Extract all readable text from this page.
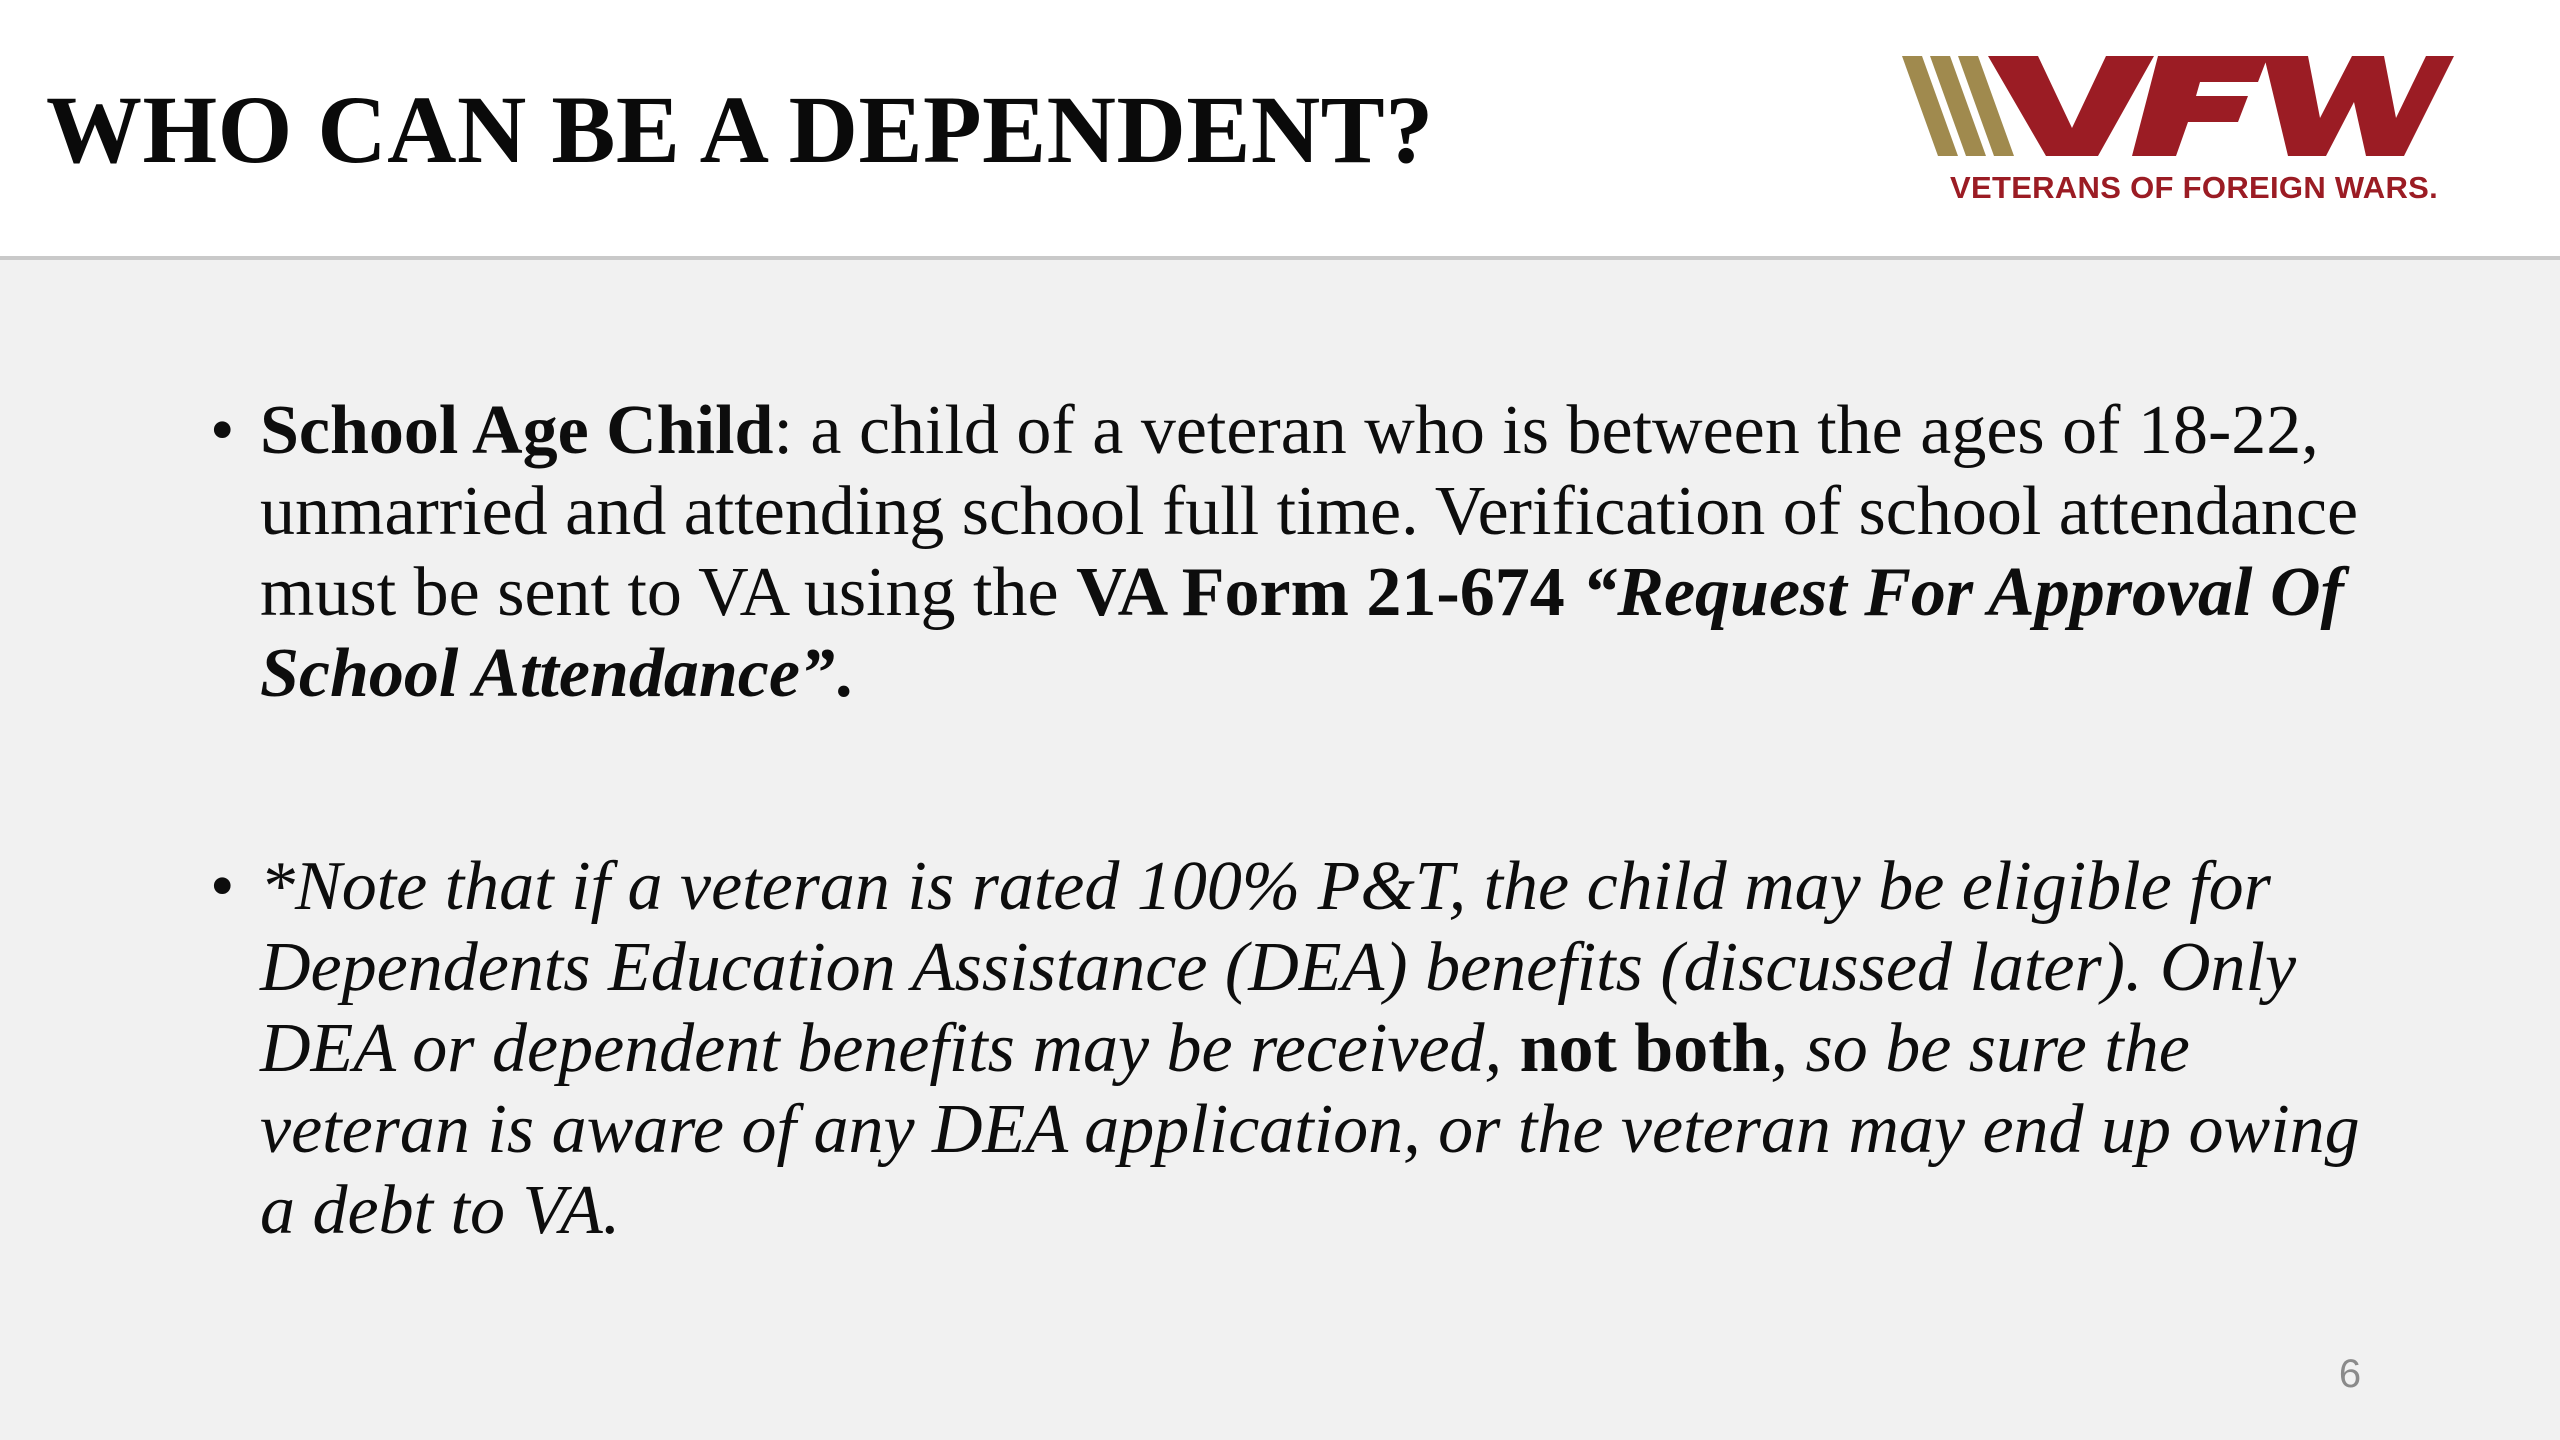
WHO CAN BE A DEPENDENT?
VETERANS OF FOREIGN WARS.
• School Age Child: a child of a veteran who is between the ages of 18-22, unmarried and attending school full time. Verification of school attendance must be sent to VA using the VA Form 21-674 “Request For Approval Of School Attendance”.
• *Note that if a veteran is rated 100% P&T, the child may be eligible for Dependents Education Assistance (DEA) benefits (discussed later). Only DEA or dependent benefits may be received, not both, so be sure the veteran is aware of any DEA application, or the veteran may end up owing a debt to VA.
6
